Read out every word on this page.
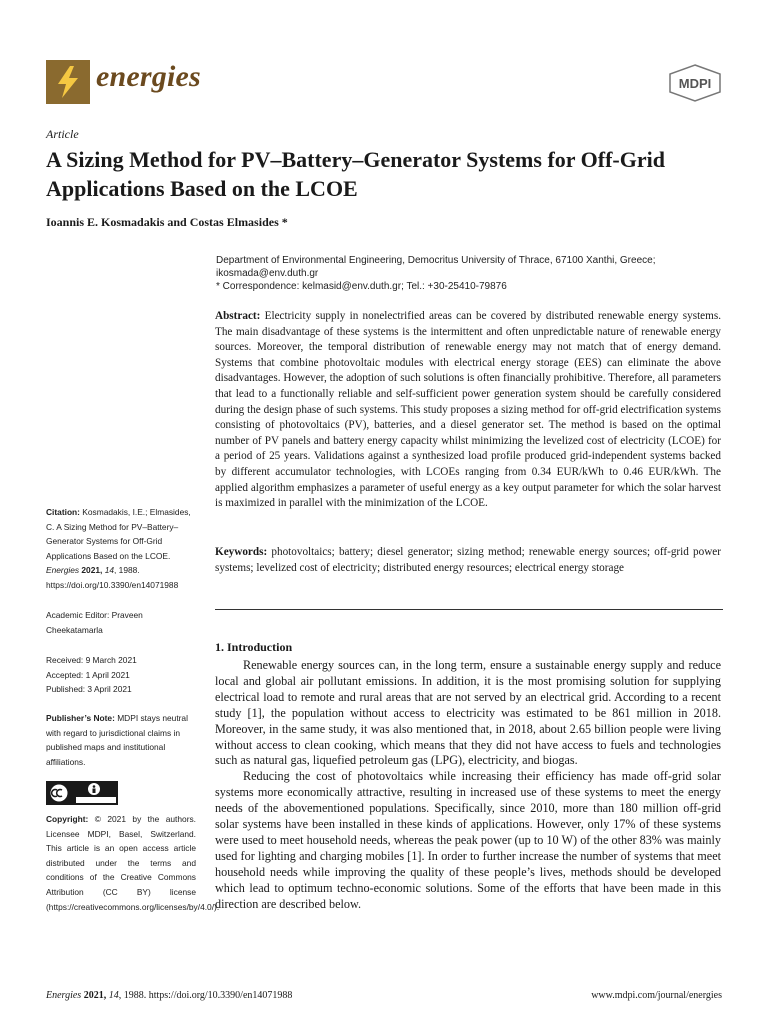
energies	MDPI
Article
A Sizing Method for PV–Battery–Generator Systems for Off-Grid Applications Based on the LCOE
Ioannis E. Kosmadakis and Costas Elmasides *

Department of Environmental Engineering, Democritus University of Thrace, 67100 Xanthi, Greece;

ikosmada@env.duth.gr

* Correspondence: kelmasid@env.duth.gr; Tel.: +30-25410-79876

Abstract: Electricity supply in nonelectrified areas can be covered by distributed renewable energy systems. The main disadvantage of these systems is the intermittent and often unpredictable nature of renewable energy sources. Moreover, the temporal distribution of renewable energy may not match that of energy demand. Systems that combine photovoltaic modules with electrical energy storage (EES) can eliminate the above disadvantages. However, the adoption of such solutions is often financially prohibitive. Therefore, all parameters that lead to a functionally reliable and self-sufficient power generation system should be carefully considered during the design phase of such systems. This study proposes a sizing method for off-grid electrification systems consisting of photovoltaics (PV), batteries, and a diesel generator set. The method is based on the optimal number of PV panels and battery energy capacity whilst minimizing the levelized cost of electricity (LCOE) for a period of 25 years. Validations against a synthesized load profile produced grid-independent systems backed by different accumulator technologies, with LCOEs ranging from 0.34 EUR/kWh to 0.46 EUR/kWh. The applied algorithm emphasizes a parameter of useful energy as a key output parameter for which the solar harvest is maximized in parallel with the minimization of the LCOE.

Keywords: photovoltaics; battery; diesel generator; sizing method; renewable energy sources; off-grid power systems; levelized cost of electricity; distributed energy resources; electrical energy storage

1. Introduction

Renewable energy sources can, in the long term, ensure a sustainable energy supply and reduce local and global air pollutant emissions. In addition, it is the most promising solution for supplying electrical load to remote and rural areas that are not served by an electrical grid. According to a recent study [1], the population without access to electricity was estimated to be 861 million in 2018. Moreover, in the same study, it was also mentioned that, in 2018, about 2.65 billion people were living without access to clean cooking, which means that they did not have access to fuels and technologies such as natural gas, liquefied petroleum gas (LPG), electricity, and biogas.

Reducing the cost of photovoltaics while increasing their efficiency has made off-grid solar systems more economically attractive, resulting in increased use of these systems to meet the energy needs of the abovementioned populations. Specifically, since 2010, more than 180 million off-grid solar systems have been installed in these kinds of applications. However, only 17% of these systems were used to meet household needs, whereas the peak power (up to 10 W) of the other 83% was mainly used for lighting and charging mobiles [1]. In order to further increase the number of systems that meet household needs while improving the quality of these people’s lives, methods should be developed which lead to optimum techno-economic solutions. Some of the efforts that have been made in this direction are described below.

Citation: Kosmadakis, I.E.; Elmasides, C. A Sizing Method for PV–Battery–Generator Systems for Off-Grid Applications Based on the LCOE. Energies 2021, 14, 1988. https://doi.org/10.3390/en14071988

Academic Editor: Praveen Cheekatamarla

Received: 9 March 2021

Accepted: 1 April 2021

Published: 3 April 2021

Publisher’s Note: MDPI stays neutral with regard to jurisdictional claims in published maps and institutional affiliations.

Copyright: © 2021 by the authors. Licensee MDPI, Basel, Switzerland. This article is an open access article distributed under the terms and conditions of the Creative Commons Attribution (CC BY) license (https://creativecommons.org/licenses/by/4.0/).

Energies 2021, 14, 1988. https://doi.org/10.3390/en14071988	www.mdpi.com/journal/energies
